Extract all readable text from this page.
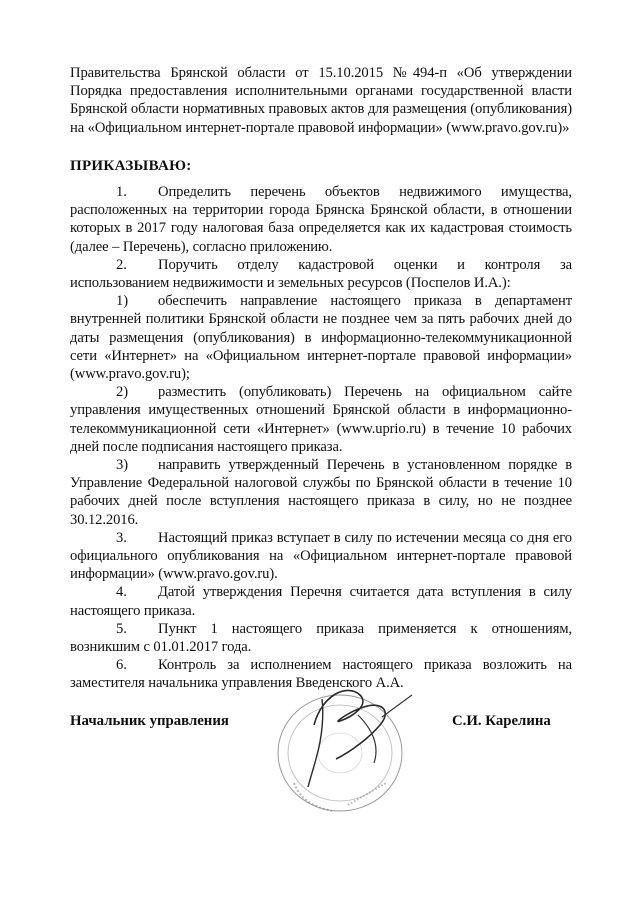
Правительства Брянской области от 15.10.2015 №494-п «Об утверждении Порядка предоставления исполнительными органами государственной власти Брянской области нормативных правовых актов для размещения (опубликования) на «Официальном интернет-портале правовой информации» (www.pravo.gov.ru)»

ПРИКАЗЫВАЮ:

1. Определить перечень объектов недвижимого имущества, расположенных на территории города Брянска Брянской области, в отношении которых в 2017 году налоговая база определяется как их кадастровая стоимость (далее – Перечень), согласно приложению.

2. Поручить отделу кадастровой оценки и контроля за использованием недвижимости и земельных ресурсов (Поспелов И.А.):

1) обеспечить направление настоящего приказа в департамент внутренней политики Брянской области не позднее чем за пять рабочих дней до даты размещения (опубликования) в информационно-телекоммуникационной сети «Интернет» на «Официальном интернет-портале правовой информации» (www.pravo.gov.ru);

2) разместить (опубликовать) Перечень на официальном сайте управления имущественных отношений Брянской области в информационно-телекоммуникационной сети «Интернет» (www.uprio.ru) в течение 10 рабочих дней после подписания настоящего приказа.

3) направить утвержденный Перечень в установленном порядке в Управление Федеральной налоговой службы по Брянской области в течение 10 рабочих дней после вступления настоящего приказа в силу, но не позднее 30.12.2016.

3. Настоящий приказ вступает в силу по истечении месяца со дня его официального опубликования на «Официальном интернет-портале правовой информации» (www.pravo.gov.ru).

4. Датой утверждения Перечня считается дата вступления в силу настоящего приказа.

5. Пункт 1 настоящего приказа применяется к отношениям, возникшим с 01.01.2017 года.

6. Контроль за исполнением настоящего приказа возложить на заместителя начальника управления Введенского А.А.

Начальник управления	С.И. Карелина
